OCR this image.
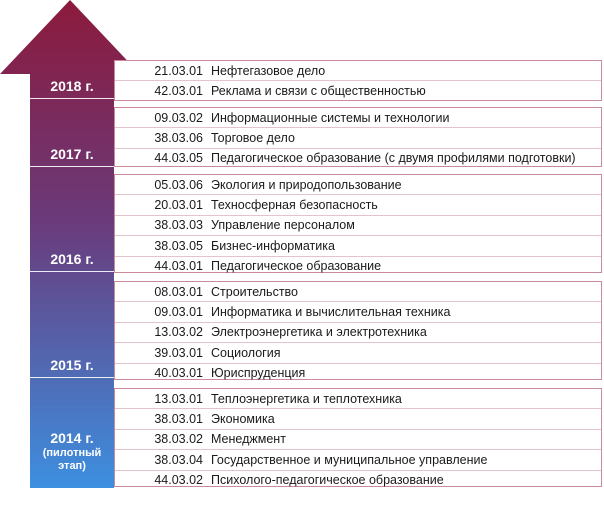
2018 г.
21.03.01 Нефтегазовое дело
42.03.01 Реклама и связи с общественностью
2017 г.
09.03.02 Информационные системы и технологии
38.03.06 Торговое дело
44.03.05 Педагогическое образование (с двумя профилями подготовки)
2016 г.
05.03.06 Экология и природопользование
20.03.01 Техносферная безопасность
38.03.03 Управление персоналом
38.03.05 Бизнес-информатика
44.03.01 Педагогическое образование
2015 г.
08.03.01 Строительство
09.03.01 Информатика и вычислительная техника
13.03.02 Электроэнергетика и электротехника
39.03.01 Социология
40.03.01 Юриспруденция
2014 г.
(пилотный этап)
13.03.01 Теплоэнергетика и теплотехника
38.03.01 Экономика
38.03.02 Менеджмент
38.03.04 Государственное и муниципальное управление
44.03.02 Психолого-педагогическое образование
